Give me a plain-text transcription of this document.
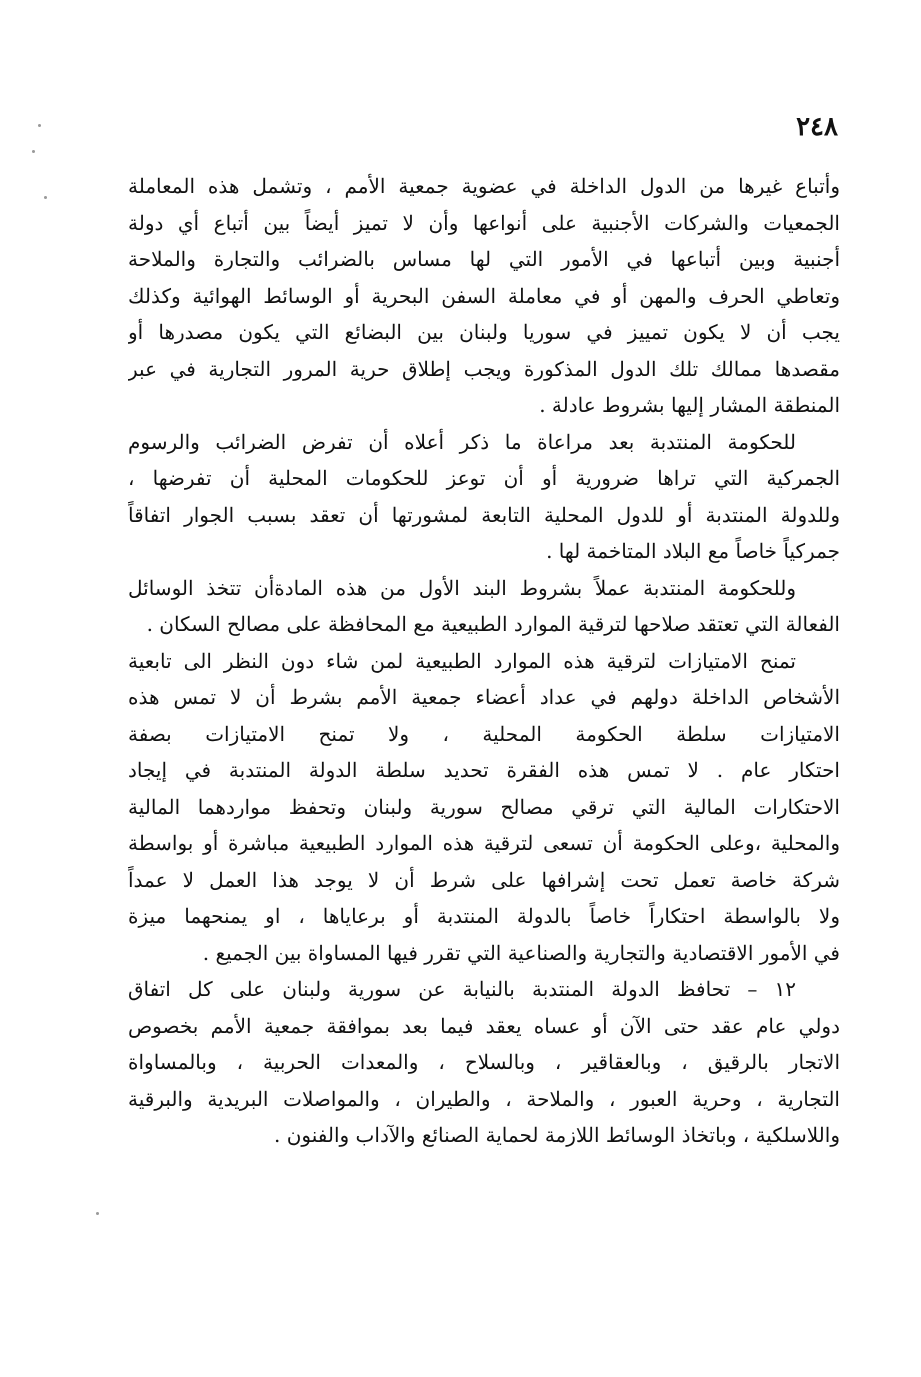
٢٤٨
وأتباع غيرها من الدول الداخلة في عضوية جمعية الأمم ، وتشمل هذه المعاملة
الجمعيات والشركات الأجنبية على أنواعها وأن لا تميز أيضاً بين أتباع أي دولة
أجنبية وبين أتباعها في الأمور التي لها مساس بالضرائب والتجارة والملاحة
وتعاطي الحرف والمهن أو في معاملة السفن البحرية أو الوسائط الهوائية وكذلك
يجب أن لا يكون تمييز في سوريا ولبنان بين البضائع التي يكون مصدرها أو
مقصدها ممالك تلك الدول المذكورة ويجب إطلاق حرية المرور التجارية في عبر
المنطقة المشار إليها بشروط عادلة .
للحكومة المنتدبة بعد مراعاة ما ذكر أعلاه أن تفرض الضرائب والرسوم
الجمركية التي تراها ضرورية أو أن توعز للحكومات المحلية أن تفرضها ،
وللدولة المنتدبة أو للدول المحلية التابعة لمشورتها أن تعقد بسبب الجوار اتفاقاً
جمركياً خاصاً مع البلاد المتاخمة لها .
وللحكومة المنتدبة عملاً بشروط البند الأول من هذه المادةأن تتخذ الوسائل
الفعالة التي تعتقد صلاحها لترقية الموارد الطبيعية مع المحافظة على مصالح السكان .
تمنح الامتيازات لترقية هذه الموارد الطبيعية لمن شاء دون النظر الى تابعية
الأشخاص الداخلة دولهم في عداد أعضاء جمعية الأمم بشرط أن لا تمس هذه
الامتيازات سلطة الحكومة المحلية ، ولا تمنح الامتيازات بصفة
احتكار عام . لا تمس هذه الفقرة تحديد سلطة الدولة المنتدبة في إيجاد
الاحتكارات المالية التي ترقي مصالح سورية ولبنان وتحفظ مواردهما المالية
والمحلية ،وعلى الحكومة أن تسعى لترقية هذه الموارد الطبيعية مباشرة أو بواسطة
شركة خاصة تعمل تحت إشرافها على شرط أن لا يوجد هذا العمل لا عمداً
ولا بالواسطة احتكاراً خاصاً بالدولة المنتدبة أو برعاياها ، او يمنحهما ميزة
في الأمور الاقتصادية والتجارية والصناعية التي تقرر فيها المساواة بين الجميع .
١٢ – تحافظ الدولة المنتدبة بالنيابة عن سورية ولبنان على كل اتفاق
دولي عام عقد حتى الآن أو عساه يعقد فيما بعد بموافقة جمعية الأمم بخصوص
الاتجار بالرقيق ، وبالعقاقير ، وبالسلاح ، والمعدات الحربية ، وبالمساواة
التجارية ، وحرية العبور ، والملاحة ، والطيران ، والمواصلات البريدية والبرقية
واللاسلكية ، وباتخاذ الوسائط اللازمة لحماية الصنائع والآداب والفنون .
